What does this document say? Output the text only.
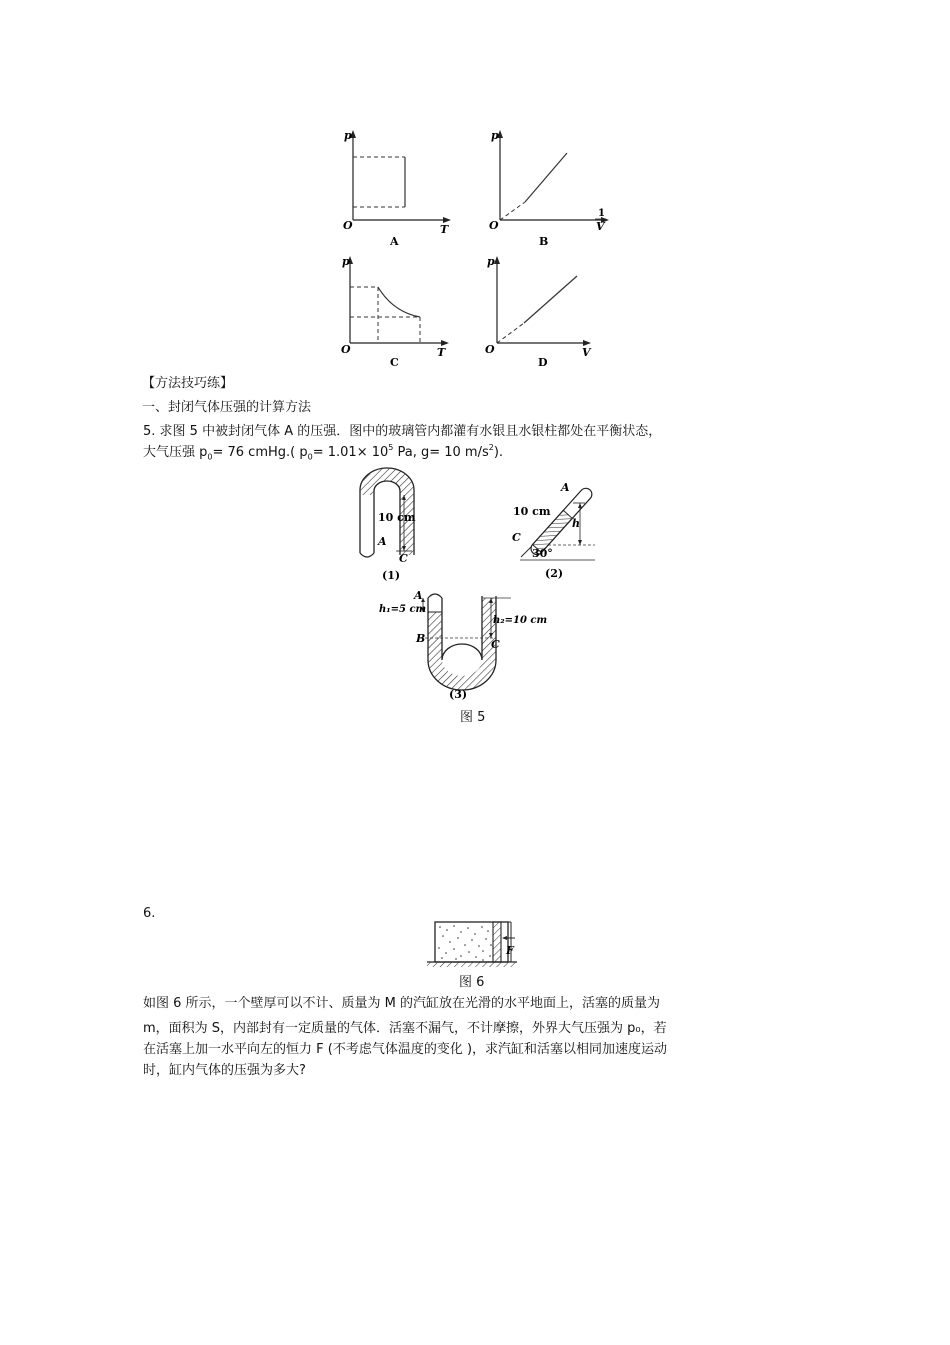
p
O	T
A
p
O
1
V
B
p
O	T
C
p
O	V
D
【方法技巧练】
一、封闭气体压强的计算方法
5. 求图 5 中被封闭气体 A 的压强．图中的玻璃管内都灌有水银且水银柱都处在平衡状态，
大气压强 $p_0= 76$ cmHg.( $p_0= 1.01\times 10^5$ Pa, g= 10 $m/s^2$).
10 cm
A
C
(1)
A
10 cm
h
C
30°
(2)
A
h₁=5 cm
B
h₂=10 cm
C
(3)
图 5
6.
F
图 6
如图 6 所示，一个壁厚可以不计、质量为 M 的汽缸放在光滑的水平地面上，活塞的质量为
m，面积为 S，内部封有一定质量的气体．活塞不漏气，不计摩擦，外界大气压强为 p₀，若
在活塞上加一水平向左的恒力 F (不考虑气体温度的变化 )，求汽缸和活塞以相同加速度运动
时，缸内气体的压强为多大?
